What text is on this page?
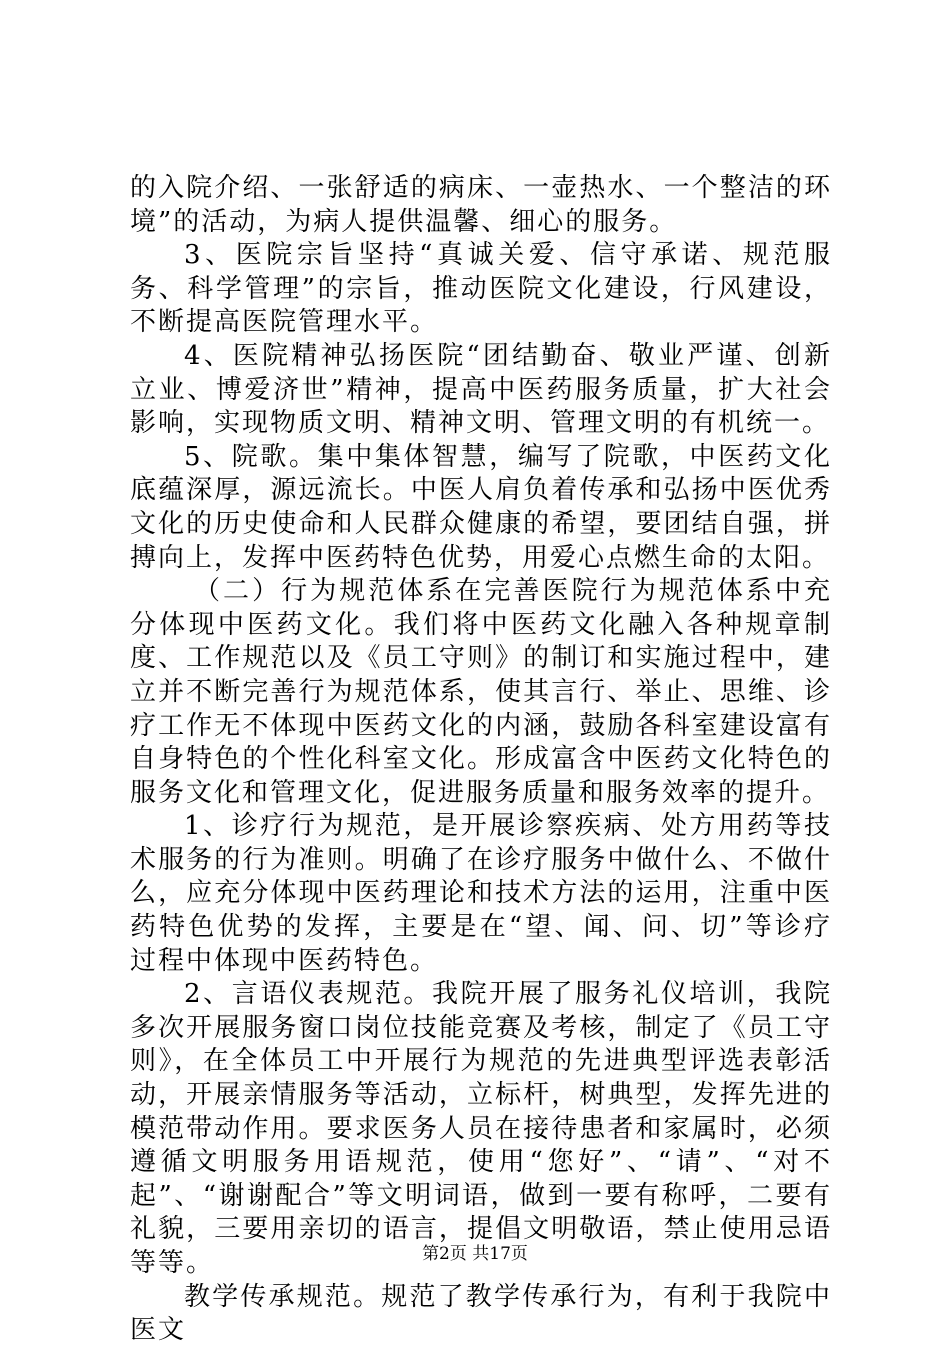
的入院介绍、一张舒适的病床、一壶热水、一个整洁的环境”的活动，为病人提供温馨、细心的服务。

3、医院宗旨坚持“真诚关爱、信守承诺、规范服务、科学管理”的宗旨，推动医院文化建设，行风建设，不断提高医院管理水平。

4、医院精神弘扬医院“团结勤奋、敬业严谨、创新立业、博爱济世”精神，提高中医药服务质量，扩大社会影响，实现物质文明、精神文明、管理文明的有机统一。

5、院歌。集中集体智慧，编写了院歌，中医药文化底蕴深厚，源远流长。中医人肩负着传承和弘扬中医优秀文化的历史使命和人民群众健康的希望，要团结自强，拼搏向上，发挥中医药特色优势，用爱心点燃生命的太阳。

（二）行为规范体系在完善医院行为规范体系中充分体现中医药文化。我们将中医药文化融入各种规章制度、工作规范以及《员工守则》的制订和实施过程中，建立并不断完善行为规范体系，使其言行、举止、思维、诊疗工作无不体现中医药文化的内涵，鼓励各科室建设富有自身特色的个性化科室文化。形成富含中医药文化特色的服务文化和管理文化，促进服务质量和服务效率的提升。

1、诊疗行为规范，是开展诊察疾病、处方用药等技术服务的行为准则。明确了在诊疗服务中做什么、不做什么，应充分体现中医药理论和技术方法的运用，注重中医药特色优势的发挥，主要是在“望、闻、问、切”等诊疗过程中体现中医药特色。

2、言语仪表规范。我院开展了服务礼仪培训，我院多次开展服务窗口岗位技能竞赛及考核，制定了《员工守则》，在全体员工中开展行为规范的先进典型评选表彰活动，开展亲情服务等活动，立标杆，树典型，发挥先进的模范带动作用。要求医务人员在接待患者和家属时，必须遵循文明服务用语规范，使用“您好”、“请”、“对不起”、“谢谢配合”等文明词语，做到一要有称呼，二要有礼貌，三要用亲切的语言，提倡文明敬语，禁止使用忌语等等。

教学传承规范。规范了教学传承行为，有利于我院中医文

第2页 共17页
